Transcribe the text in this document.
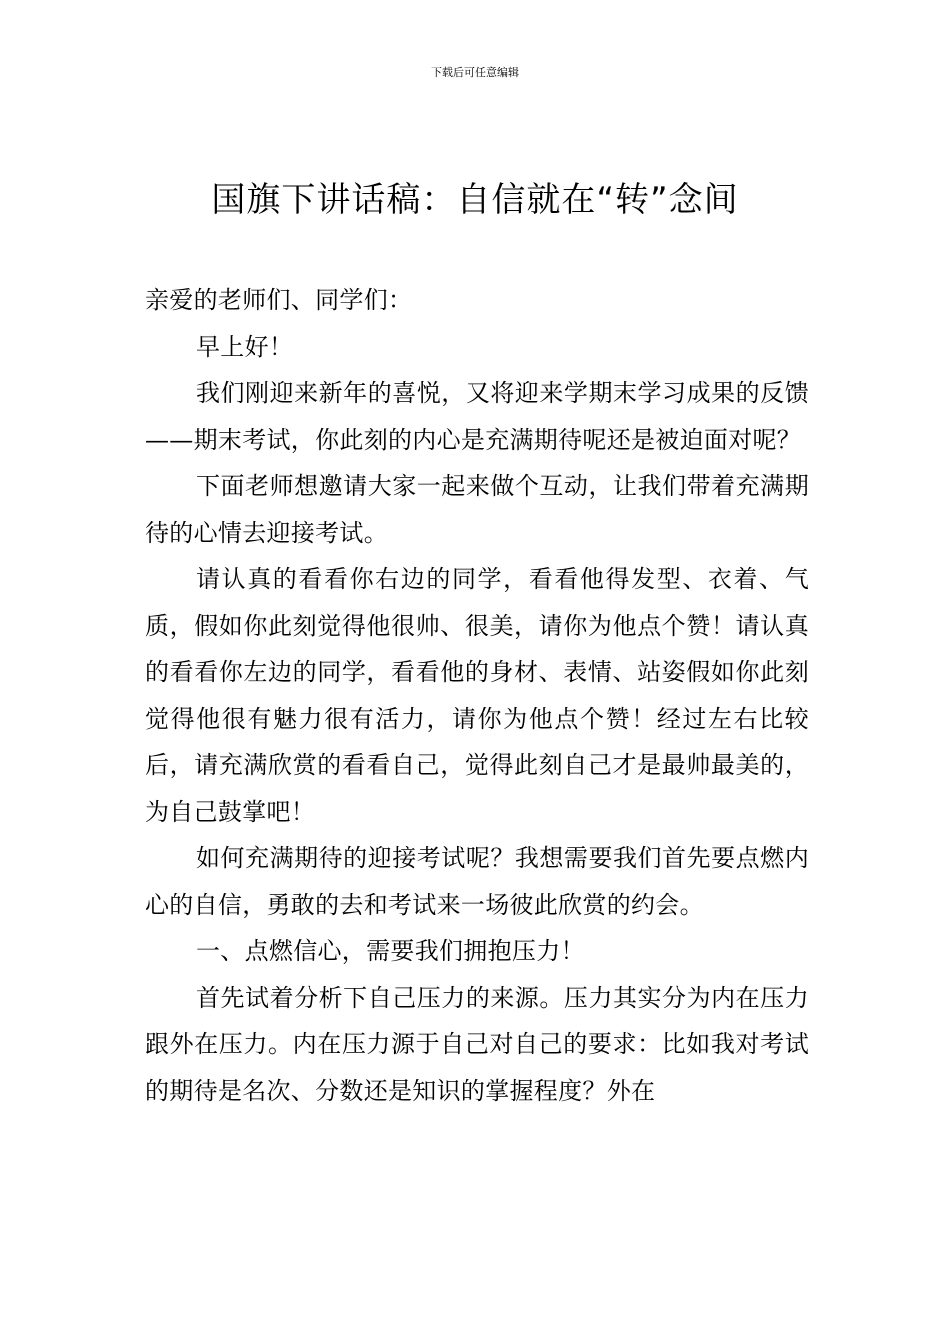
下载后可任意编辑
国旗下讲话稿：自信就在“转”念间

亲爱的老师们、同学们：

早上好！

我们刚迎来新年的喜悦，又将迎来学期末学习成果的反馈——期末考试，你此刻的内心是充满期待呢还是被迫面对呢？

下面老师想邀请大家一起来做个互动，让我们带着充满期待的心情去迎接考试。

请认真的看看你右边的同学，看看他得发型、衣着、气质，假如你此刻觉得他很帅、很美，请你为他点个赞！请认真的看看你左边的同学，看看他的身材、表情、站姿假如你此刻觉得他很有魅力很有活力，请你为他点个赞！经过左右比较后，请充满欣赏的看看自己，觉得此刻自己才是最帅最美的，为自己鼓掌吧！

如何充满期待的迎接考试呢？我想需要我们首先要点燃内心的自信，勇敢的去和考试来一场彼此欣赏的约会。

一、点燃信心，需要我们拥抱压力！

首先试着分析下自己压力的来源。压力其实分为内在压力跟外在压力。内在压力源于自己对自己的要求：比如我对考试的期待是名次、分数还是知识的掌握程度？外在
